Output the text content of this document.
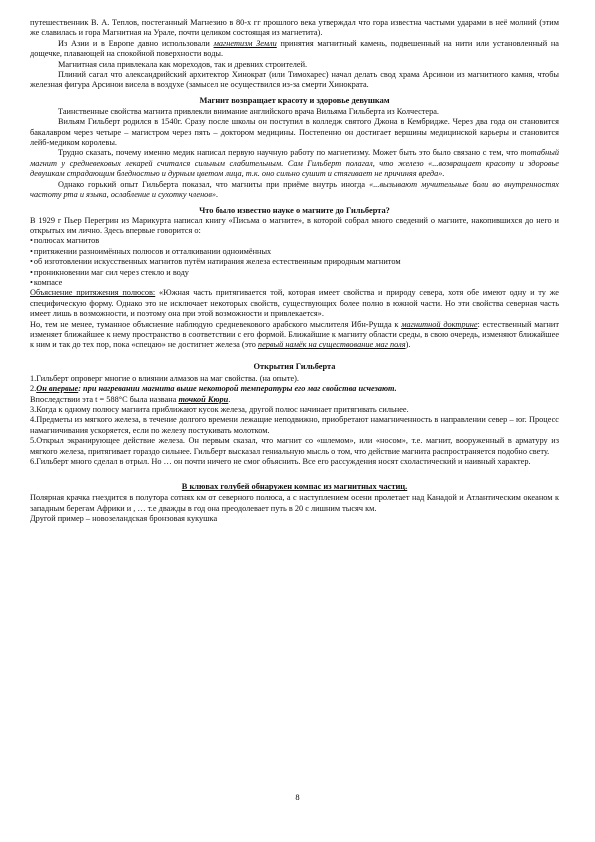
путешественник В. А. Теплов, постеганный Магнезию в 80-х гг прошлого века утверждал что гора известна частыми ударами в неё молний (этим же славилась и гора Магнитная на Урале, почти целиком состоящая из магнетита).

Из Азии и в Европе давно использовали магнетизм Земли принятия магнитный камень, подвешенный на нити или установленный на дощечке, плавающей на спокойной поверхности воды.

Магнитная сила привлекала как мореходов, так и древних строителей.

Плиний сагал что александрийский архитектор Хинократ (или Тимохарес) начал делать свод храма Арсинои из магнитного камня, чтобы железная фигура Арсинои висела в воздухе (замысел не осуществился из-за смерти Хинократа.

Магнит возвращает красоту и здоровье девушкам

Таинственные свойства магнита привлекли внимание английского врача Вильяма Гильберта из Колчестера.

Вильям Гильберт родился в 1540г. Сразу после школы он поступил в колледж святого Джона в Кембридже. Через два года он становится бакалавром через четыре – магистром через пять – доктором медицины. Постепенно он достигает вершины медицинской карьеры и становится лейб-медиком королевы.

Трудно сказать, почему именно медик написал первую научную работу по магнетизму. Может быть это было связано с тем, что тотабный магнит у средневековых лекарей считался сильным слабительным. Сам Гильберт полагал, что железо «...возвращает красоту и здоровье девушкам страдающим бледностью и дурным цветом лица, т.к. оно сильно сушит и стягивает не причиняя вреда».

Однако горький опыт Гильберта показал, что магниты при приёме внутрь иногда «...вызывают мучительные боли во внутренностях частоту рта и языка, ослабление и сухотку членов».

Что было известно науке о магните до Гильберта?

В 1929 г Пьер Перегрин из Марикурта написал книгу «Письма о магните», в которой собрал много сведений о магните, накопившихся до него и открытых им лично. Здесь впервые говорится о:

•полюсах магнитов

•притяжении разноимённых полюсов и отталкивании одноимённых

•об изготовлении искусственных магнитов путём натирания железа естественным природным магнитом

•проникновении маг сил через стекло и воду

•компасе

Объяснение притяжения полюсов: «Южная часть притягивается той, которая имеет свойства и природу севера, хотя обе имеют одну и ту же специфическую форму. Однако это не исключает некоторых свойств, существующих более полно в южной части. Но эти свойства северная часть имеет лишь в возможности, и поэтому она при этой возможности и привлекается».

Но, тем не менее, туманное объяснение наблюдую средневекового арабского мыслителя Ибн-Рушда к магнитной доктрине: естественный магнит изменяет ближайшее к нему пространство в соответствии с его формой. Ближайшие к магниту области среды, в свою очередь, изменяют ближайшее к ним и так до тех пор, пока «спецаю» не достигнет железа (это первый намёк на существование маг поля).

Открытия Гильберта

1.Гильберт опроверг многие о влиянии алмазов на маг свойства. (на опыте).

2.Он впервые: при нагревании магнита выше некоторой температуры его маг свойства исчезают.

Впоследствии эта t = 588°С была названа точкой Кюри.

3.Когда к одному полюсу магнита приближают кусок железа, другой полюс начинает притягивать сильнее.

4.Предметы из мягкого железа, в течение долгого времени лежащие неподвижно, приобретают намагниченность в направлении север – юг. Процесс намагничивания ускоряется, если по железу постукивать молотком.

5.Открыл экранирующее действие железа. Он первым сказал, что магнит со «шлемом», или «носом», т.е. магнит, вооруженный в арматуру из мягкого железа, притягивает гораздо сильнее. Гильберт высказал гениальную мысль о том, что действие магнита распространяется подобно свету.

6.Гильберт много сделал в отрыл. Но … он почти ничего не смог объяснить. Все его рассуждения носят схоластический и наивный характер.

В клювах голубей обнаружен компас из магнитных частиц.

Полярная крачка гнездится в полутора сотнях км от северного полюса, а с наступлением осени пролетает над Канадой и Атлантическим океаном к западным берегам Африки и , … т.е дважды в год она преодолевает путь в 20 с лишним тысяч км.

Другой пример – новозеландская бронзовая кукушка

8
